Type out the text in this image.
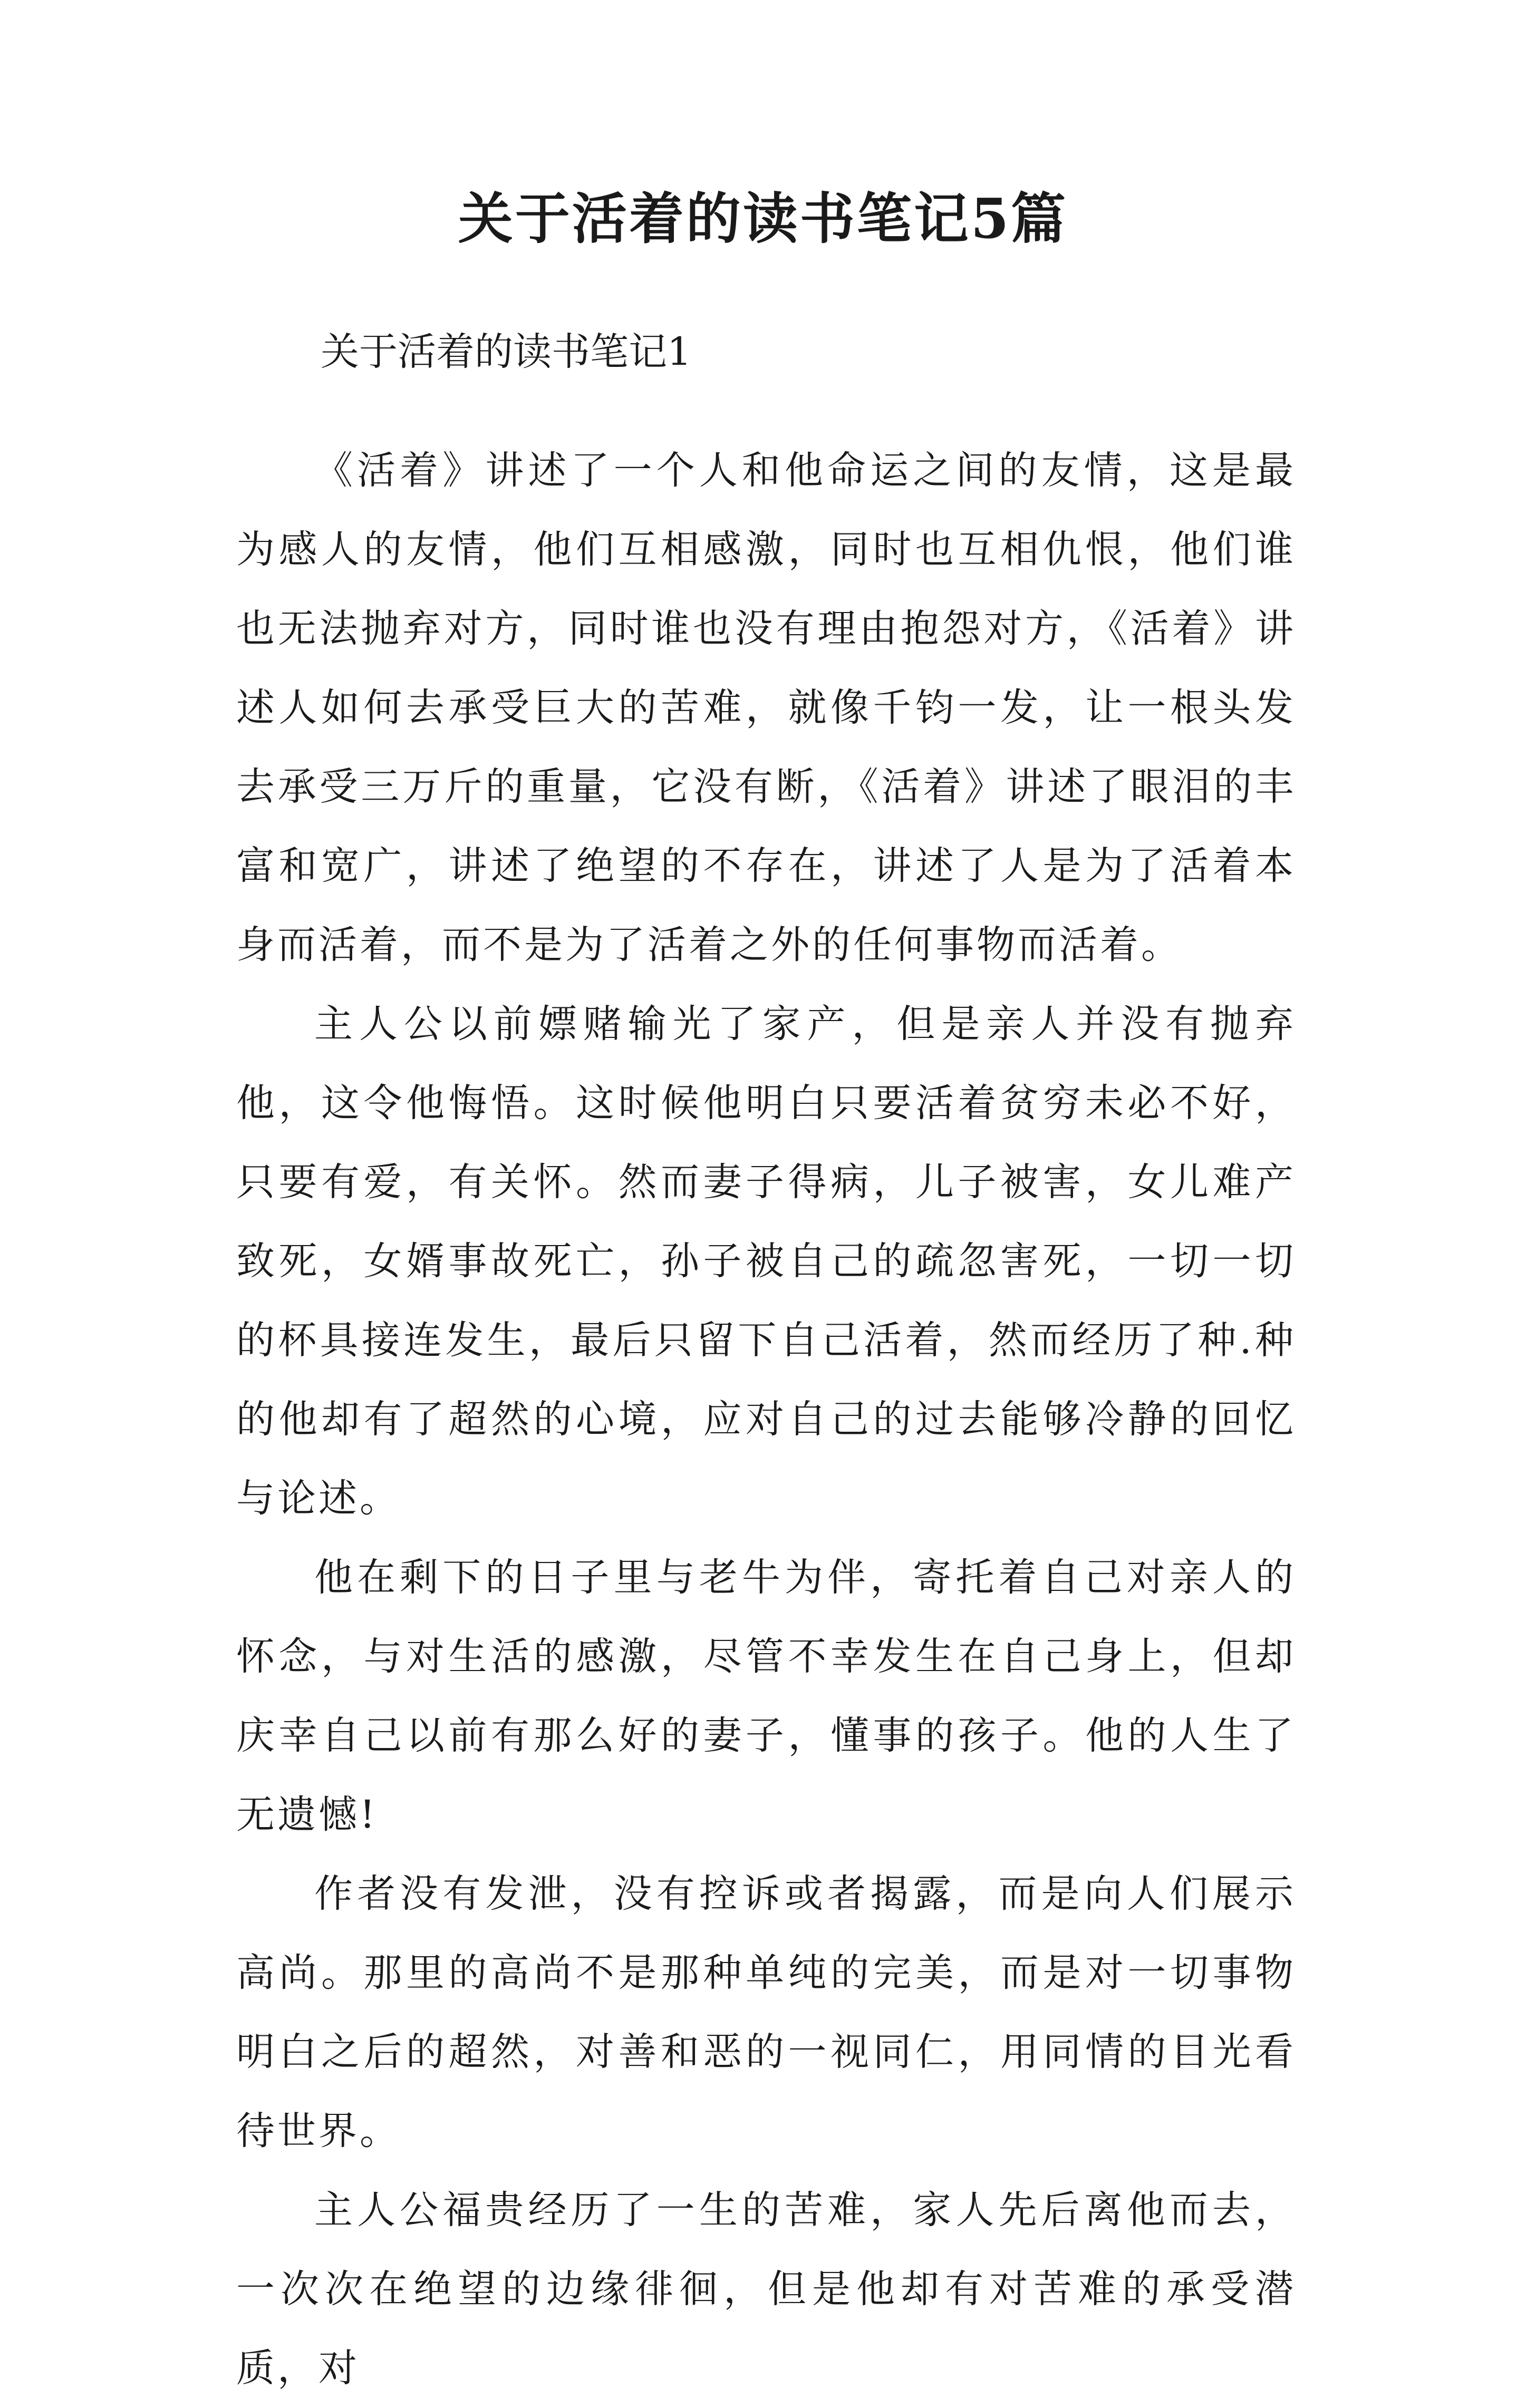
关于活着的读书笔记5篇
关于活着的读书笔记1

《活着》讲述了一个人和他命运之间的友情，这是最为感人的友情，他们互相感激，同时也互相仇恨，他们谁也无法抛弃对方，同时谁也没有理由抱怨对方，《活着》讲述人如何去承受巨大的苦难，就像千钧一发，让一根头发去承受三万斤的重量，它没有断，《活着》讲述了眼泪的丰富和宽广，讲述了绝望的不存在，讲述了人是为了活着本身而活着，而不是为了活着之外的任何事物而活着。

主人公以前嫖赌输光了家产，但是亲人并没有抛弃他，这令他悔悟。这时候他明白只要活着贫穷未必不好，只要有爱，有关怀。然而妻子得病，儿子被害，女儿难产致死，女婿事故死亡，孙子被自己的疏忽害死，一切一切的杯具接连发生，最后只留下自己活着，然而经历了种.种的他却有了超然的心境，应对自己的过去能够冷静的回忆与论述。

他在剩下的日子里与老牛为伴，寄托着自己对亲人的怀念，与对生活的感激，尽管不幸发生在自己身上，但却庆幸自己以前有那么好的妻子，懂事的孩子。他的人生了无遗憾!

作者没有发泄，没有控诉或者揭露，而是向人们展示高尚。那里的高尚不是那种单纯的完美，而是对一切事物明白之后的超然，对善和恶的一视同仁，用同情的目光看待世界。

主人公福贵经历了一生的苦难，家人先后离他而去，一次次在绝望的边缘徘徊，但是他却有对苦难的承受潜质，对
